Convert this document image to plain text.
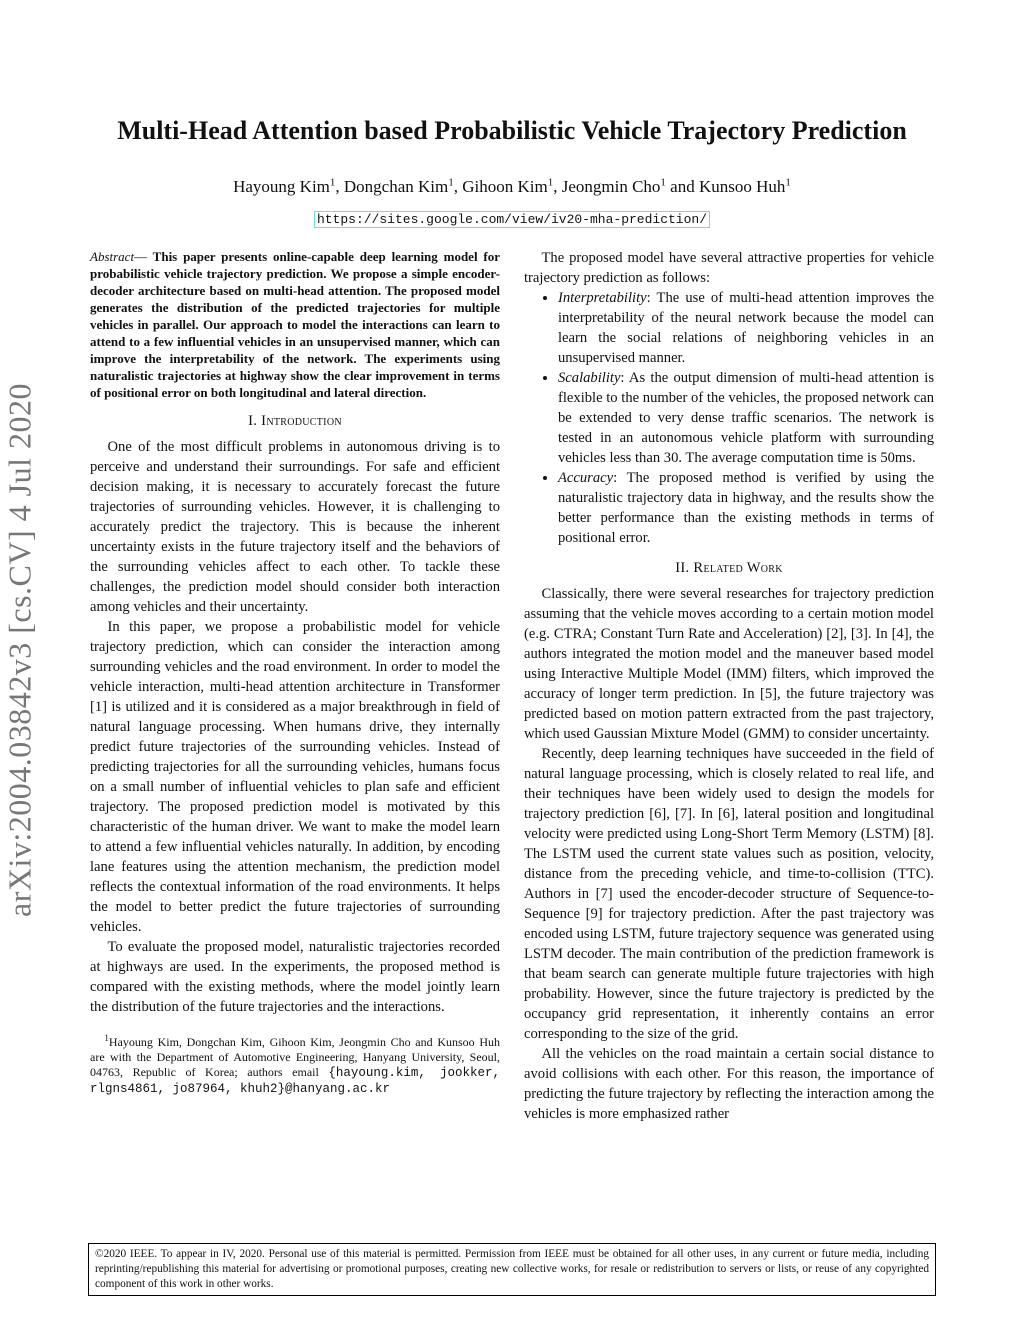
arXiv:2004.03842v3 [cs.CV] 4 Jul 2020
Multi-Head Attention based Probabilistic Vehicle Trajectory Prediction
Hayoung Kim$^1$, Dongchan Kim$^1$, Gihoon Kim$^1$, Jeongmin Cho$^1$ and Kunsoo Huh$^1$
https://sites.google.com/view/iv20-mha-prediction/
Abstract— This paper presents online-capable deep learning model for probabilistic vehicle trajectory prediction. We propose a simple encoder-decoder architecture based on multi-head attention. The proposed model generates the distribution of the predicted trajectories for multiple vehicles in parallel. Our approach to model the interactions can learn to attend to a few influential vehicles in an unsupervised manner, which can improve the interpretability of the network. The experiments using naturalistic trajectories at highway show the clear improvement in terms of positional error on both longitudinal and lateral direction.
I. Introduction

One of the most difficult problems in autonomous driving is to perceive and understand their surroundings. For safe and efficient decision making, it is necessary to accurately forecast the future trajectories of surrounding vehicles. However, it is challenging to accurately predict the trajectory. This is because the inherent uncertainty exists in the future trajectory itself and the behaviors of the surrounding vehicles affect to each other. To tackle these challenges, the prediction model should consider both interaction among vehicles and their uncertainty.

In this paper, we propose a probabilistic model for vehicle trajectory prediction, which can consider the interaction among surrounding vehicles and the road environment. In order to model the vehicle interaction, multi-head attention architecture in Transformer [1] is utilized and it is considered as a major breakthrough in field of natural language processing. When humans drive, they internally predict future trajectories of the surrounding vehicles. Instead of predicting trajectories for all the surrounding vehicles, humans focus on a small number of influential vehicles to plan safe and efficient trajectory. The proposed prediction model is motivated by this characteristic of the human driver. We want to make the model learn to attend a few influential vehicles naturally. In addition, by encoding lane features using the attention mechanism, the prediction model reflects the contextual information of the road environments. It helps the model to better predict the future trajectories of surrounding vehicles.

To evaluate the proposed model, naturalistic trajectories recorded at highways are used. In the experiments, the proposed method is compared with the existing methods, where the model jointly learn the distribution of the future trajectories and the interactions.

$^1$Hayoung Kim, Dongchan Kim, Gihoon Kim, Jeongmin Cho and Kunsoo Huh are with the Department of Automotive Engineering, Hanyang University, Seoul, 04763, Republic of Korea; authors email {hayoung.kim, jookker, rlgns4861, jo87964, khuh2}@hanyang.ac.kr

The proposed model have several attractive properties for vehicle trajectory prediction as follows:

• Interpretability: The use of multi-head attention improves the interpretability of the neural network because the model can learn the social relations of neighboring vehicles in an unsupervised manner.
• Scalability: As the output dimension of multi-head attention is flexible to the number of the vehicles, the proposed network can be extended to very dense traffic scenarios. The network is tested in an autonomous vehicle platform with surrounding vehicles less than 30. The average computation time is 50ms.
• Accuracy: The proposed method is verified by using the naturalistic trajectory data in highway, and the results show the better performance than the existing methods in terms of positional error.
II. Related Work

Classically, there were several researches for trajectory prediction assuming that the vehicle moves according to a certain motion model (e.g. CTRA; Constant Turn Rate and Acceleration) [2], [3]. In [4], the authors integrated the motion model and the maneuver based model using Interactive Multiple Model (IMM) filters, which improved the accuracy of longer term prediction. In [5], the future trajectory was predicted based on motion pattern extracted from the past trajectory, which used Gaussian Mixture Model (GMM) to consider uncertainty.

Recently, deep learning techniques have succeeded in the field of natural language processing, which is closely related to real life, and their techniques have been widely used to design the models for trajectory prediction [6], [7]. In [6], lateral position and longitudinal velocity were predicted using Long-Short Term Memory (LSTM) [8]. The LSTM used the current state values such as position, velocity, distance from the preceding vehicle, and time-to-collision (TTC). Authors in [7] used the encoder-decoder structure of Sequence-to-Sequence [9] for trajectory prediction. After the past trajectory was encoded using LSTM, future trajectory sequence was generated using LSTM decoder. The main contribution of the prediction framework is that beam search can generate multiple future trajectories with high probability. However, since the future trajectory is predicted by the occupancy grid representation, it inherently contains an error corresponding to the size of the grid.

All the vehicles on the road maintain a certain social distance to avoid collisions with each other. For this reason, the importance of predicting the future trajectory by reflecting the interaction among the vehicles is more emphasized rather

©2020 IEEE. To appear in IV, 2020. Personal use of this material is permitted. Permission from IEEE must be obtained for all other uses, in any current or future media, including reprinting/republishing this material for advertising or promotional purposes, creating new collective works, for resale or redistribution to servers or lists, or reuse of any copyrighted component of this work in other works.
